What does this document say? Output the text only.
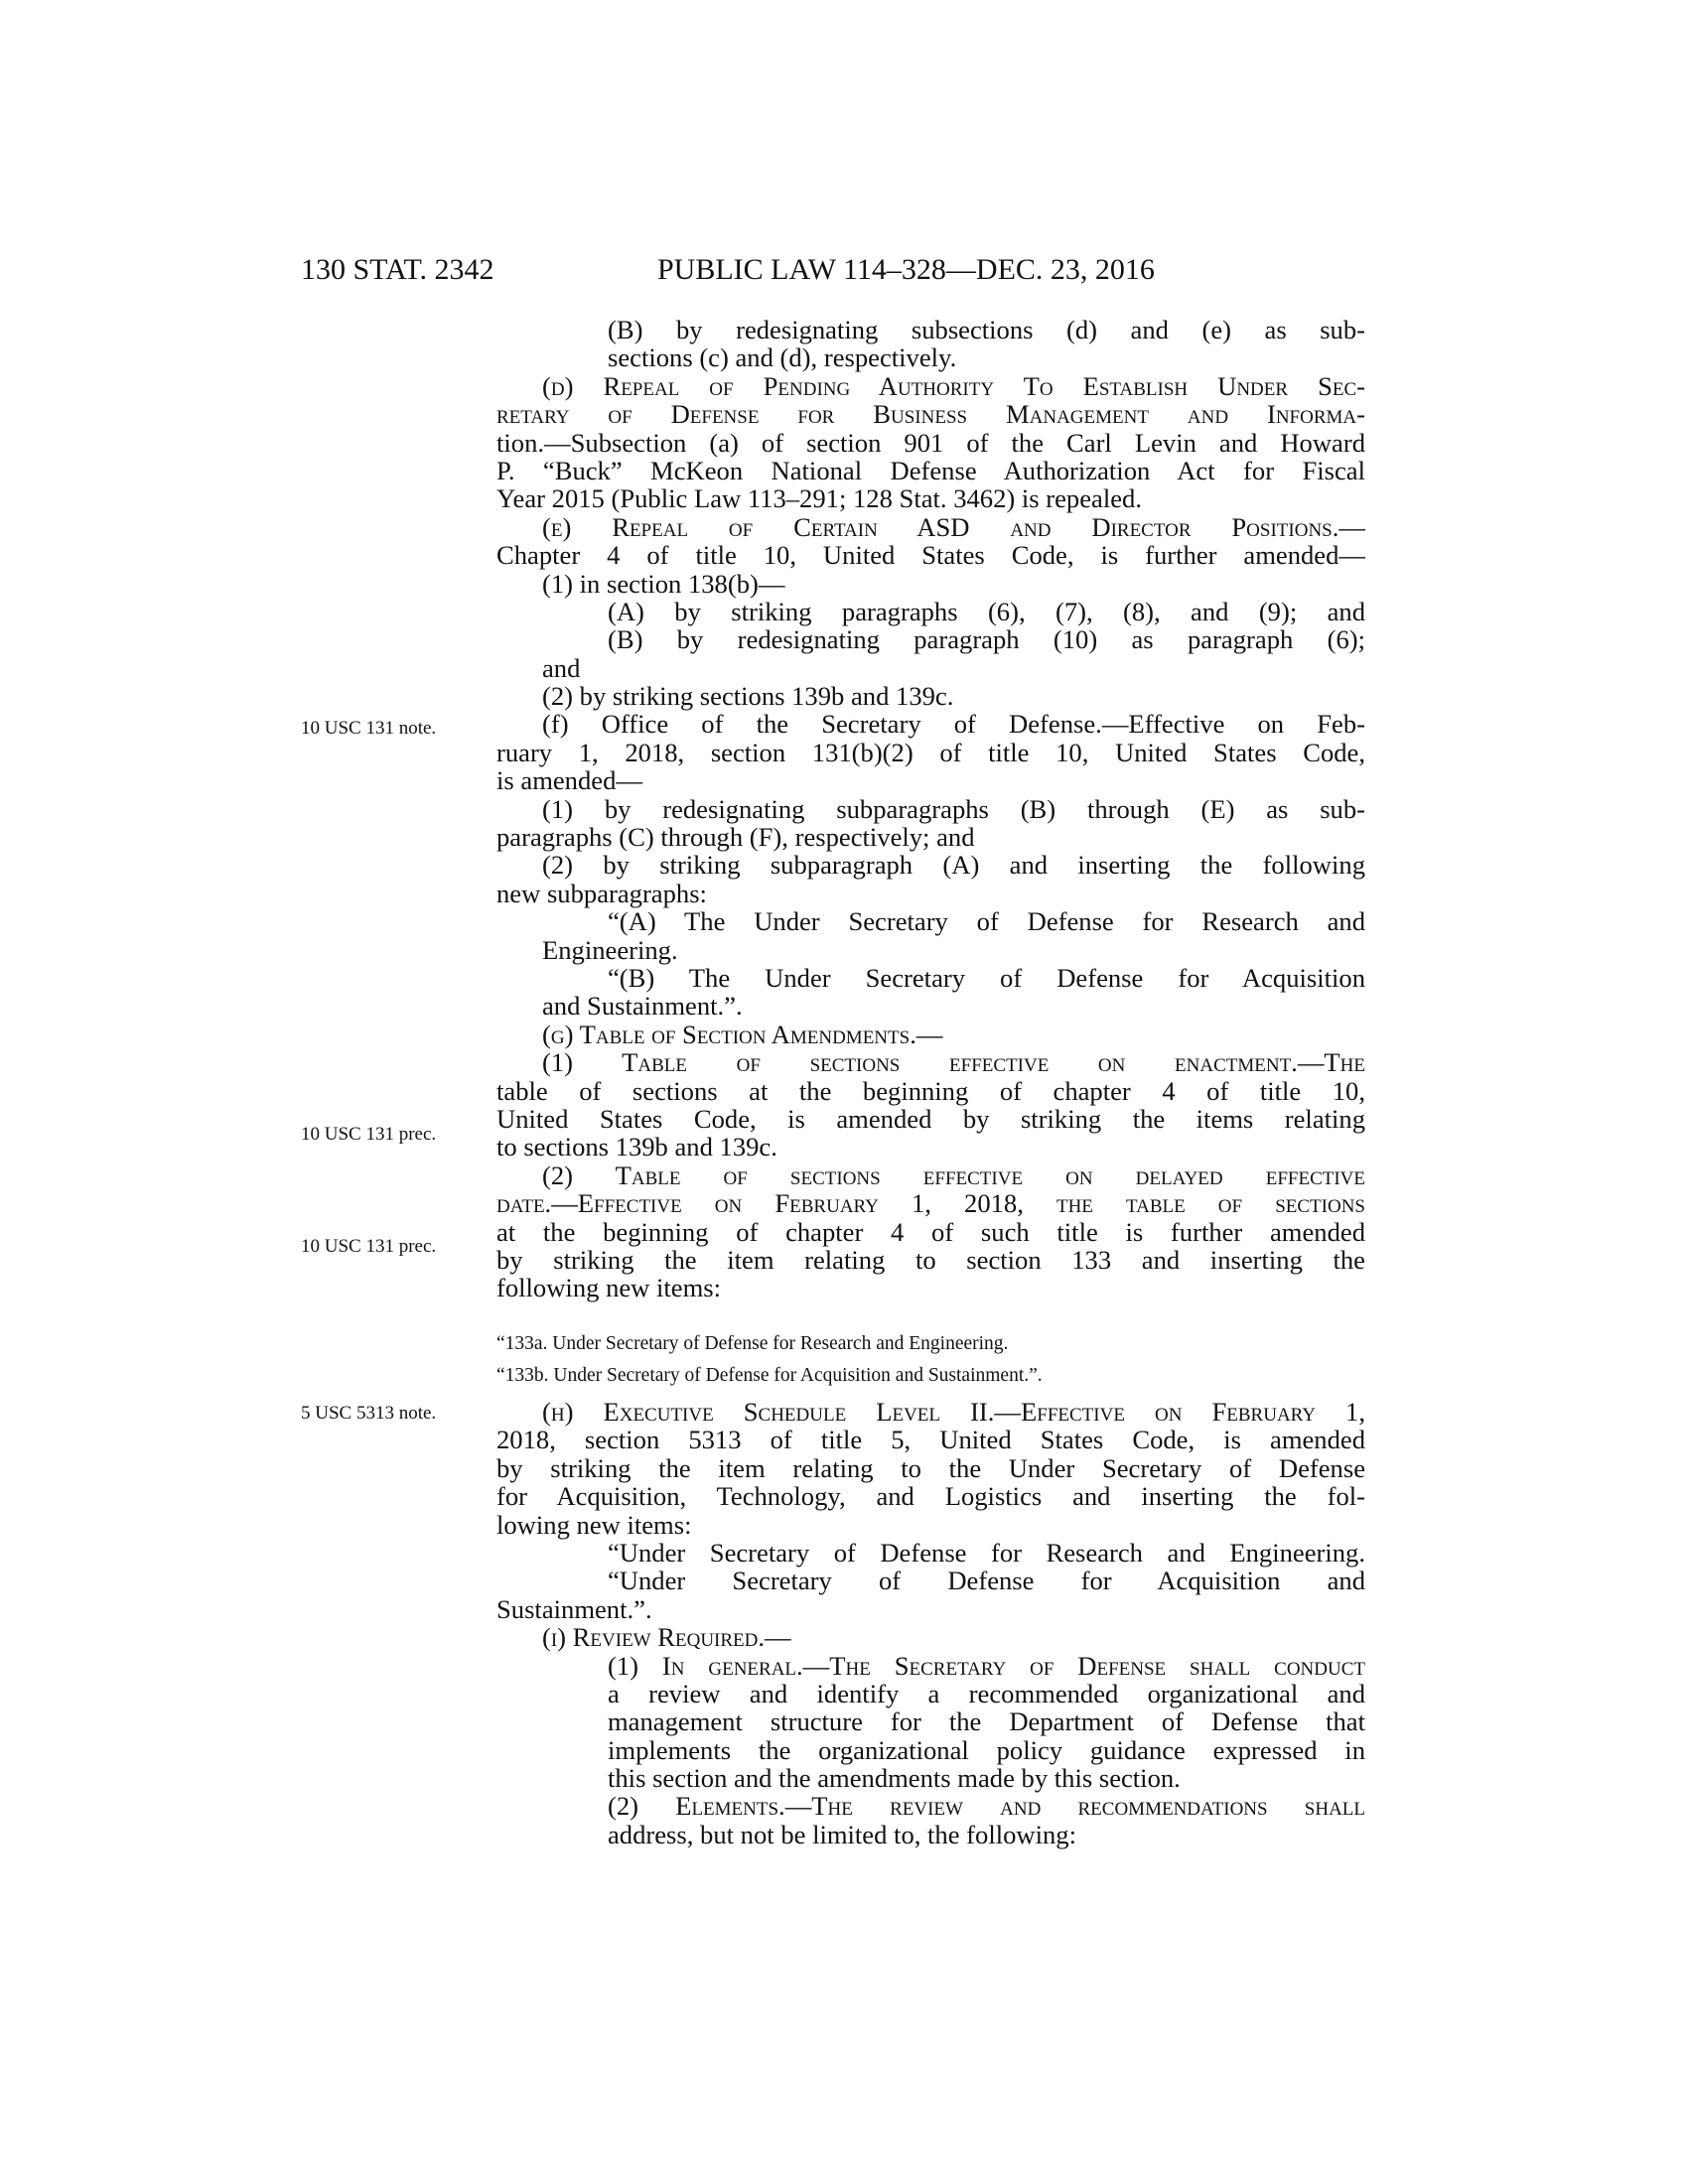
130 STAT. 2342	PUBLIC LAW 114–328—DEC. 23, 2016
10 USC 131 note.
10 USC 131 prec.
10 USC 131 prec.
5 USC 5313 note.
(B) by redesignating subsections (d) and (e) as sub-
sections (c) and (d), respectively.
(d) Repeal of Pending Authority To Establish Under Sec-
retary of Defense for Business Management and Informa-
tion.—Subsection (a) of section 901 of the Carl Levin and Howard
P. “Buck” McKeon National Defense Authorization Act for Fiscal
Year 2015 (Public Law 113–291; 128 Stat. 3462) is repealed.
(e) Repeal of Certain ASD and Director Positions.—
Chapter 4 of title 10, United States Code, is further amended—
(1) in section 138(b)—
(A) by striking paragraphs (6), (7), (8), and (9); and
(B) by redesignating paragraph (10) as paragraph (6);
and
(2) by striking sections 139b and 139c.
(f) Office of the Secretary of Defense.—Effective on Feb-
ruary 1, 2018, section 131(b)(2) of title 10, United States Code,
is amended—
(1) by redesignating subparagraphs (B) through (E) as sub-
paragraphs (C) through (F), respectively; and
(2) by striking subparagraph (A) and inserting the following
new subparagraphs:
“(A) The Under Secretary of Defense for Research and
Engineering.
“(B) The Under Secretary of Defense for Acquisition
and Sustainment.”.
(g) Table of Section Amendments.—
(1) Table of sections effective on enactment.—The
table of sections at the beginning of chapter 4 of title 10,
United States Code, is amended by striking the items relating
to sections 139b and 139c.
(2) Table of sections effective on delayed effective
date.—Effective on February 1, 2018, the table of sections
at the beginning of chapter 4 of such title is further amended
by striking the item relating to section 133 and inserting the
following new items:
“133a. Under Secretary of Defense for Research and Engineering.
“133b. Under Secretary of Defense for Acquisition and Sustainment.”.
(h) Executive Schedule Level II.—Effective on February 1,
2018, section 5313 of title 5, United States Code, is amended
by striking the item relating to the Under Secretary of Defense
for Acquisition, Technology, and Logistics and inserting the fol-
lowing new items:
“Under Secretary of Defense for Research and Engineering.
“Under Secretary of Defense for Acquisition and
Sustainment.”.
(i) Review Required.—
(1) In general.—The Secretary of Defense shall conduct
a review and identify a recommended organizational and
management structure for the Department of Defense that
implements the organizational policy guidance expressed in
this section and the amendments made by this section.
(2) Elements.—The review and recommendations shall
address, but not be limited to, the following:
